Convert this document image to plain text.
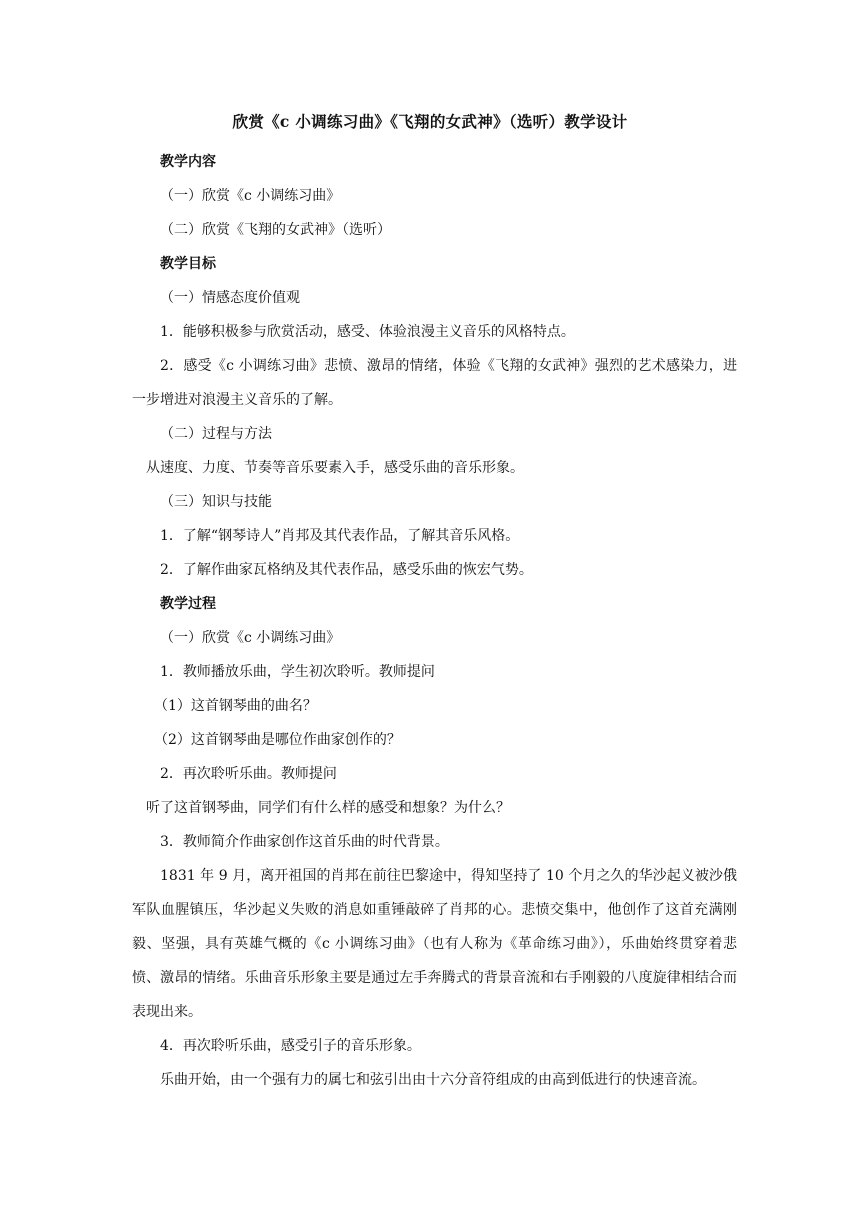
欣赏《c 小调练习曲》《飞翔的女武神》（选听）教学设计

教学内容

（一）欣赏《c 小调练习曲》

（二）欣赏《飞翔的女武神》（选听）

教学目标

（一）情感态度价值观

1．能够积极参与欣赏活动，感受、体验浪漫主义音乐的风格特点。

2．感受《c 小调练习曲》悲愤、激昂的情绪，体验《飞翔的女武神》强烈的艺术感染力，进一步增进对浪漫主义音乐的了解。

（二）过程与方法

从速度、力度、节奏等音乐要素入手，感受乐曲的音乐形象。

（三）知识与技能

1．了解“钢琴诗人”肖邦及其代表作品，了解其音乐风格。

2．了解作曲家瓦格纳及其代表作品，感受乐曲的恢宏气势。

教学过程

（一）欣赏《c 小调练习曲》

1．教师播放乐曲，学生初次聆听。教师提问

（1）这首钢琴曲的曲名？

（2）这首钢琴曲是哪位作曲家创作的？

2．再次聆听乐曲。教师提问

听了这首钢琴曲，同学们有什么样的感受和想象？为什么？

3．教师简介作曲家创作这首乐曲的时代背景。

1831 年 9 月，离开祖国的肖邦在前往巴黎途中，得知坚持了 10 个月之久的华沙起义被沙俄军队血腥镇压，华沙起义失败的消息如重锤敲碎了肖邦的心。悲愤交集中，他创作了这首充满刚毅、坚强，具有英雄气概的《c 小调练习曲》（也有人称为《革命练习曲》），乐曲始终贯穿着悲愤、激昂的情绪。乐曲音乐形象主要是通过左手奔腾式的背景音流和右手刚毅的八度旋律相结合而表现出来。

4．再次聆听乐曲，感受引子的音乐形象。

乐曲开始，由一个强有力的属七和弦引出由十六分音符组成的由高到低进行的快速音流。
